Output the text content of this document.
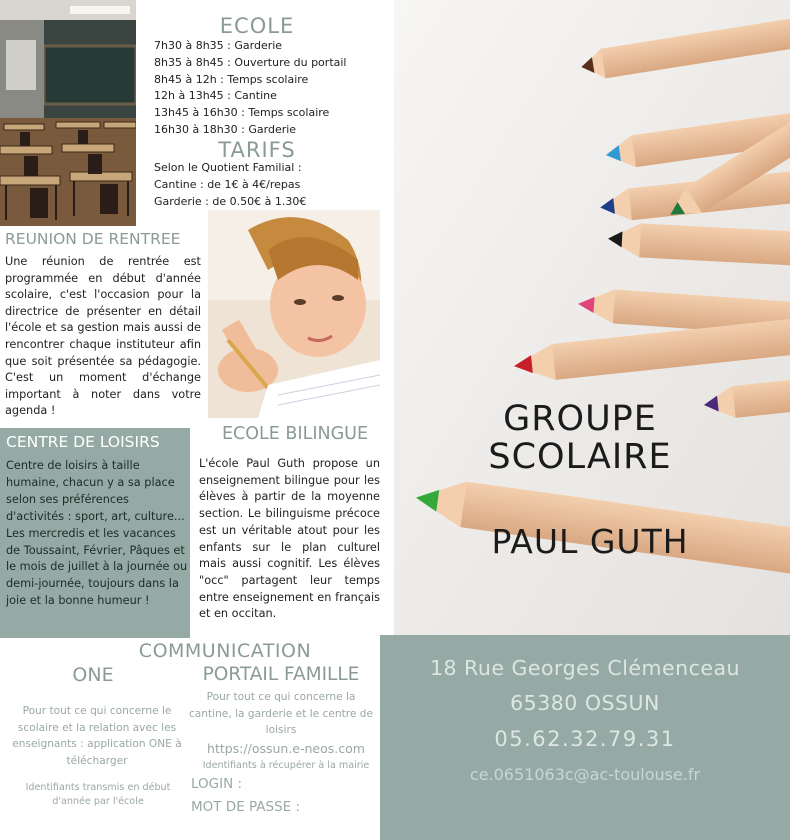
ECOLE
7h30 à 8h35 : Garderie
8h35 à 8h45 : Ouverture du portail
8h45 à 12h : Temps scolaire
12h à 13h45 : Cantine
13h45 à 16h30 : Temps scolaire
16h30 à 18h30 : Garderie
TARIFS
Selon le Quotient Familial :
Cantine : de 1€ à 4€/repas
Garderie : de 0.50€ à 1.30€
REUNION DE RENTREE
Une réunion de rentrée est programmée en début d'année scolaire, c'est l'occasion pour la directrice de présenter en détail l'école et sa gestion mais aussi de rencontrer chaque instituteur afin que soit présentée sa pédagogie. C'est un moment d'échange important à noter dans votre agenda !
CENTRE DE LOISIRS
Centre de loisirs à taille humaine, chacun y a sa place selon ses préférences d'activités : sport, art, culture... Les mercredis et les vacances de Toussaint, Février, Pâques et le mois de juillet à la journée ou demi-journée, toujours dans la joie et la bonne humeur !
ECOLE BILINGUE
L'école Paul Guth propose un enseignement bilingue pour les élèves à partir de la moyenne section. Le bilinguisme précoce est un véritable atout pour les enfants sur le plan culturel mais aussi cognitif. Les élèves "occ" partagent leur temps entre enseignement en français et en occitan.
COMMUNICATION
ONE	PORTAIL FAMILLE
Pour tout ce qui concerne le scolaire et la relation avec les enseignants : application ONE à télécharger
Identifiants transmis en début d'année par l'école
Pour tout ce qui concerne la cantine, la garderie et le centre de loisirs
https://ossun.e-neos.com
Identifiants à récupérer à la mairie
LOGIN :
MOT DE PASSE :
GROUPE
SCOLAIRE
PAUL GUTH
18 Rue Georges Clémenceau
65380 OSSUN
05.62.32.79.31
ce.0651063c@ac-toulouse.fr
